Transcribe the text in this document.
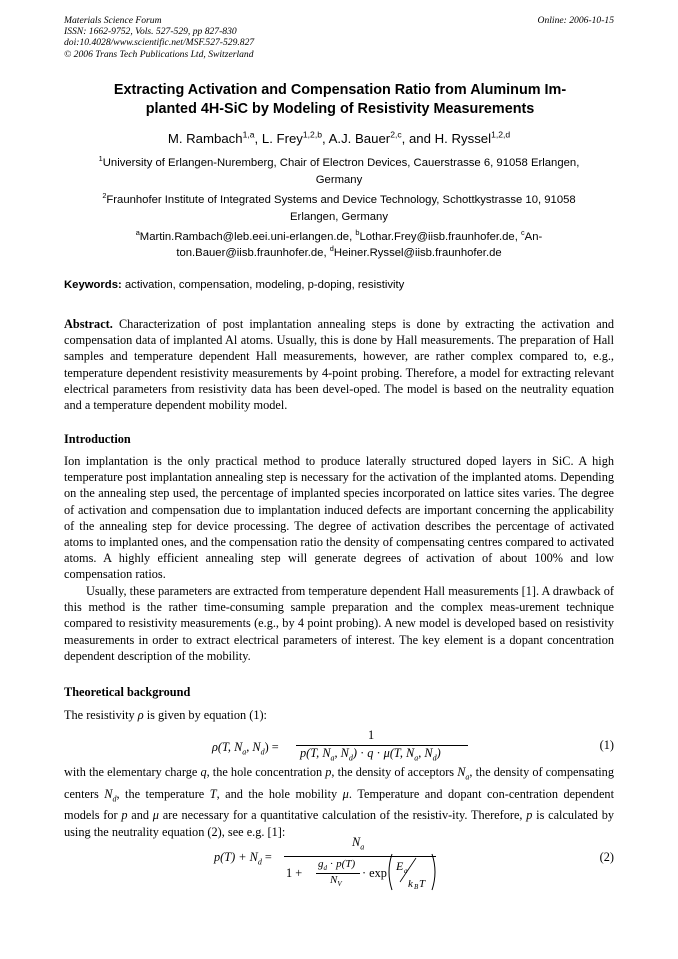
Materials Science Forum
ISSN: 1662-9752, Vols. 527-529, pp 827-830
doi:10.4028/www.scientific.net/MSF.527-529.827
© 2006 Trans Tech Publications Ltd, Switzerland
Online: 2006-10-15
Extracting Activation and Compensation Ratio from Aluminum Im-
planted 4H-SiC by Modeling of Resistivity Measurements
M. Rambach$^{1,a}$, L. Frey$^{1,2,b}$, A.J. Bauer$^{2,c}$, and H. Ryssel$^{1,2,d}$
$^1$University of Erlangen-Nuremberg, Chair of Electron Devices, Cauerstrasse 6, 91058 Erlangen,
Germany
$^2$Fraunhofer Institute of Integrated Systems and Device Technology, Schottkystrasse 10, 91058
Erlangen, Germany
$^a$Martin.Rambach@leb.eei.uni-erlangen.de, $^b$Lothar.Frey@iisb.fraunhofer.de, $^c$An-
ton.Bauer@iisb.fraunhofer.de, $^d$Heiner.Ryssel@iisb.fraunhofer.de
Keywords: activation, compensation, modeling, p-doping, resistivity
Abstract. Characterization of post implantation annealing steps is done by extracting the activation and compensation data of implanted Al atoms. Usually, this is done by Hall measurements. The preparation of Hall samples and temperature dependent Hall measurements, however, are rather complex compared to, e.g., temperature dependent resistivity measurements by 4-point probing. Therefore, a model for extracting relevant electrical parameters from resistivity data has been devel-oped. The model is based on the neutrality equation and a temperature dependent mobility model.
Introduction
Ion implantation is the only practical method to produce laterally structured doped layers in SiC. A high temperature post implantation annealing step is necessary for the activation of the implanted atoms. Depending on the annealing step used, the percentage of implanted species incorporated on lattice sites varies. The degree of activation and compensation due to implantation induced defects are important concerning the applicability of the annealing step for device processing. The degree of activation describes the percentage of activated atoms to implanted ones, and the compensation ratio the density of compensating centres compared to activated atoms. A highly efficient annealing step will generate degrees of activation of about 100% and low compensation ratios.
Usually, these parameters are extracted from temperature dependent Hall measurements [1]. A drawback of this method is the rather time-consuming sample preparation and the complex meas-urement technique compared to resistivity measurements (e.g., by 4 point probing). A new model is developed based on resistivity measurements in order to extract electrical parameters of interest. The key element is a dopant concentration dependent description of the mobility.
Theoretical background
The resistivity ρ is given by equation (1):
ρ(T, $N_a$, $N_d$) =
1
p(T, $N_a$, $N_d) \cdot q \cdot \mu(T$, $N_a$, $N_d$)
(1)
with the elementary charge q, the hole concentration p, the density of acceptors $N_a$, the density of compensating centers $N_d$, the temperature T, and the hole mobility μ. Temperature and dopant con-centration dependent models for p and μ are necessary for a quantitative calculation of the resistiv-ity. Therefore, p is calculated by using the neutrality equation (2), see e.g. [1]:
$p(T) + N_d$ =
$N_a$
1 +
$g_d \cdot p(T)$
$N_V$
· exp E a
k B T
(2)
